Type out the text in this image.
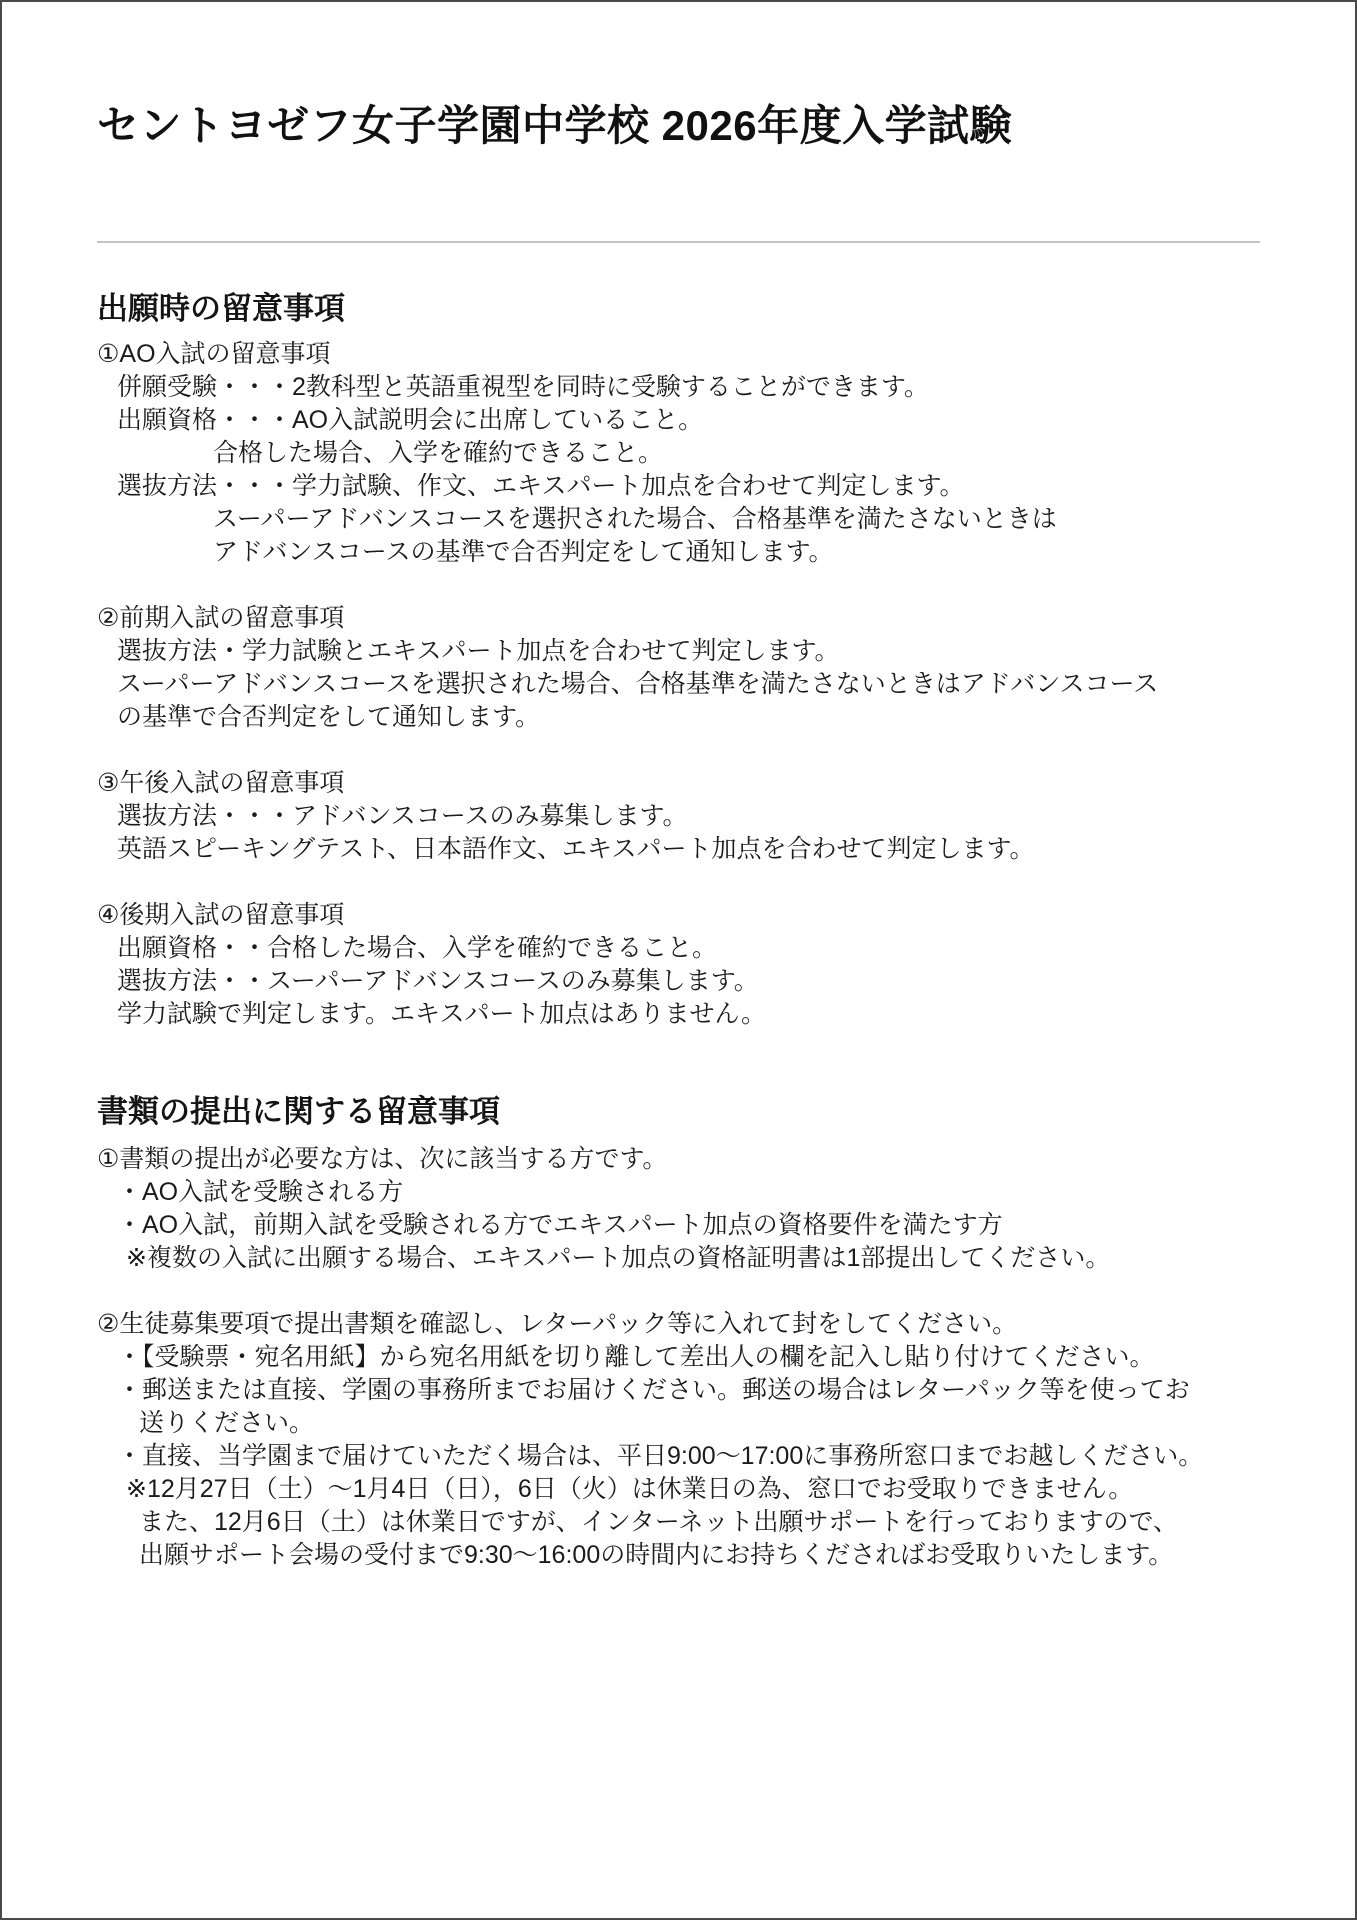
セントヨゼフ女子学園中学校 2026年度入学試験
出願時の留意事項
①AO入試の留意事項
併願受験・・・2教科型と英語重視型を同時に受験することができます。
出願資格・・・AO入試説明会に出席していること。
合格した場合、入学を確約できること。
選抜方法・・・学力試験、作文、エキスパート加点を合わせて判定します。
スーパーアドバンスコースを選択された場合、合格基準を満たさないときは
アドバンスコースの基準で合否判定をして通知します。
②前期入試の留意事項
選抜方法・学力試験とエキスパート加点を合わせて判定します。
スーパーアドバンスコースを選択された場合、合格基準を満たさないときはアドバンスコース
の基準で合否判定をして通知します。
③午後入試の留意事項
選抜方法・・・アドバンスコースのみ募集します。
英語スピーキングテスト、日本語作文、エキスパート加点を合わせて判定します。
④後期入試の留意事項
出願資格・・合格した場合、入学を確約できること。
選抜方法・・スーパーアドバンスコースのみ募集します。
学力試験で判定します。エキスパート加点はありません。
書類の提出に関する留意事項
①書類の提出が必要な方は、次に該当する方です。
・AO入試を受験される方
・AO入試，前期入試を受験される方でエキスパート加点の資格要件を満たす方
※複数の入試に出願する場合、エキスパート加点の資格証明書は1部提出してください。
②生徒募集要項で提出書類を確認し、レターパック等に入れて封をしてください。
・【受験票・宛名用紙】から宛名用紙を切り離して差出人の欄を記入し貼り付けてください。
・郵送または直接、学園の事務所までお届けください。郵送の場合はレターパック等を使ってお
送りください。
・直接、当学園まで届けていただく場合は、平日9:00〜17:00に事務所窓口までお越しください。
※12月27日（土）〜1月4日（日），6日（火）は休業日の為、窓口でお受取りできません。
また、12月6日（土）は休業日ですが、インターネット出願サポートを行っておりますので、
出願サポート会場の受付まで9:30〜16:00の時間内にお持ちくださればお受取りいたします。
